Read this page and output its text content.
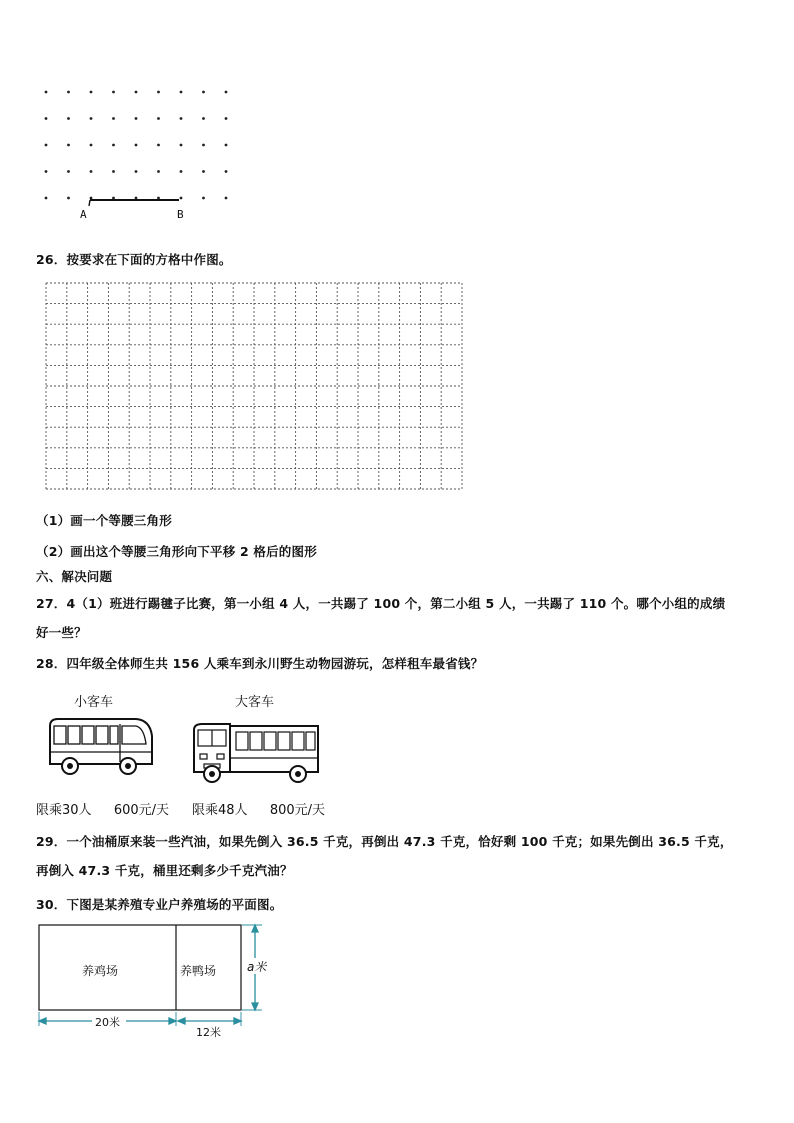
A	B
26．按要求在下面的方格中作图。
（1）画一个等腰三角形
（2）画出这个等腰三角形向下平移 2 格后的图形
六、解决问题
27．4（1）班进行踢毽子比赛，第一小组 4 人，一共踢了 100 个，第二小组 5 人，一共踢了 110 个。哪个小组的成绩
好一些？
28．四年级全体师生共 156 人乘车到永川野生动物园游玩，怎样租车最省钱？
小客车	大客车
限乘30人 600元/天 限乘48人 800元/天
29．一个油桶原来装一些汽油，如果先倒入 36.5 千克，再倒出 47.3 千克，恰好剩 100 千克；如果先倒出 36.5 千克，
再倒入 47.3 千克，桶里还剩多少千克汽油？
30．下图是某养殖专业户养殖场的平面图。
养鸡场	养鸭场	a米
20米
12米
